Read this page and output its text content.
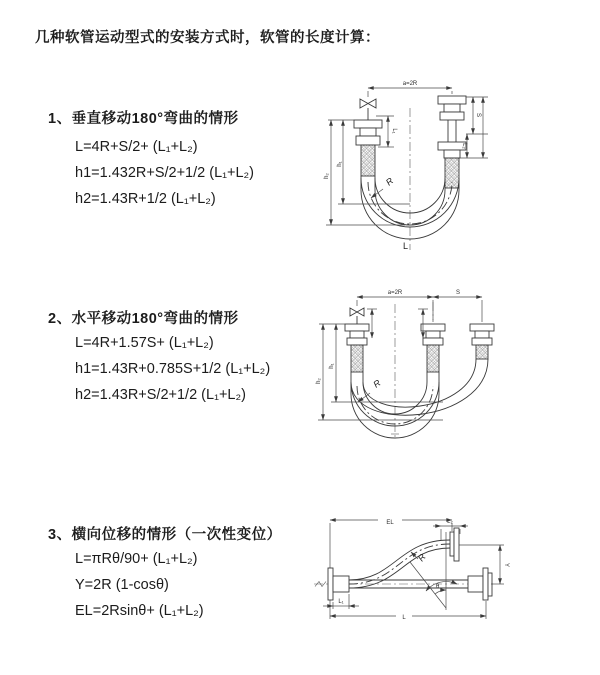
几种软管运动型式的安装方式时，软管的长度计算：
1、垂直移动180°弯曲的情形
L=4R+S/2+ (L₁+L₂)
h1=1.432R+S/2+1/2 (L₁+L₂)
h2=1.43R+1/2 (L₁+L₂)
2、水平移动180°弯曲的情形
L=4R+1.57S+ (L₁+L₂)
h1=1.43R+0.785S+1/2 (L₁+L₂)
h2=1.43R+S/2+1/2 (L₁+L₂)
3、横向位移的情形（一次性变位）
L=πRθ/90+ (L₁+L₂)
Y=2R (1-cosθ)
EL=2Rsinθ+ (L₁+L₂)
a=2R
h₁
h₂
L₁
S
L₂
R
L
a=2R	S
h₁
h₂	R
EL	L₂
Y
θ
R
L₁
L
